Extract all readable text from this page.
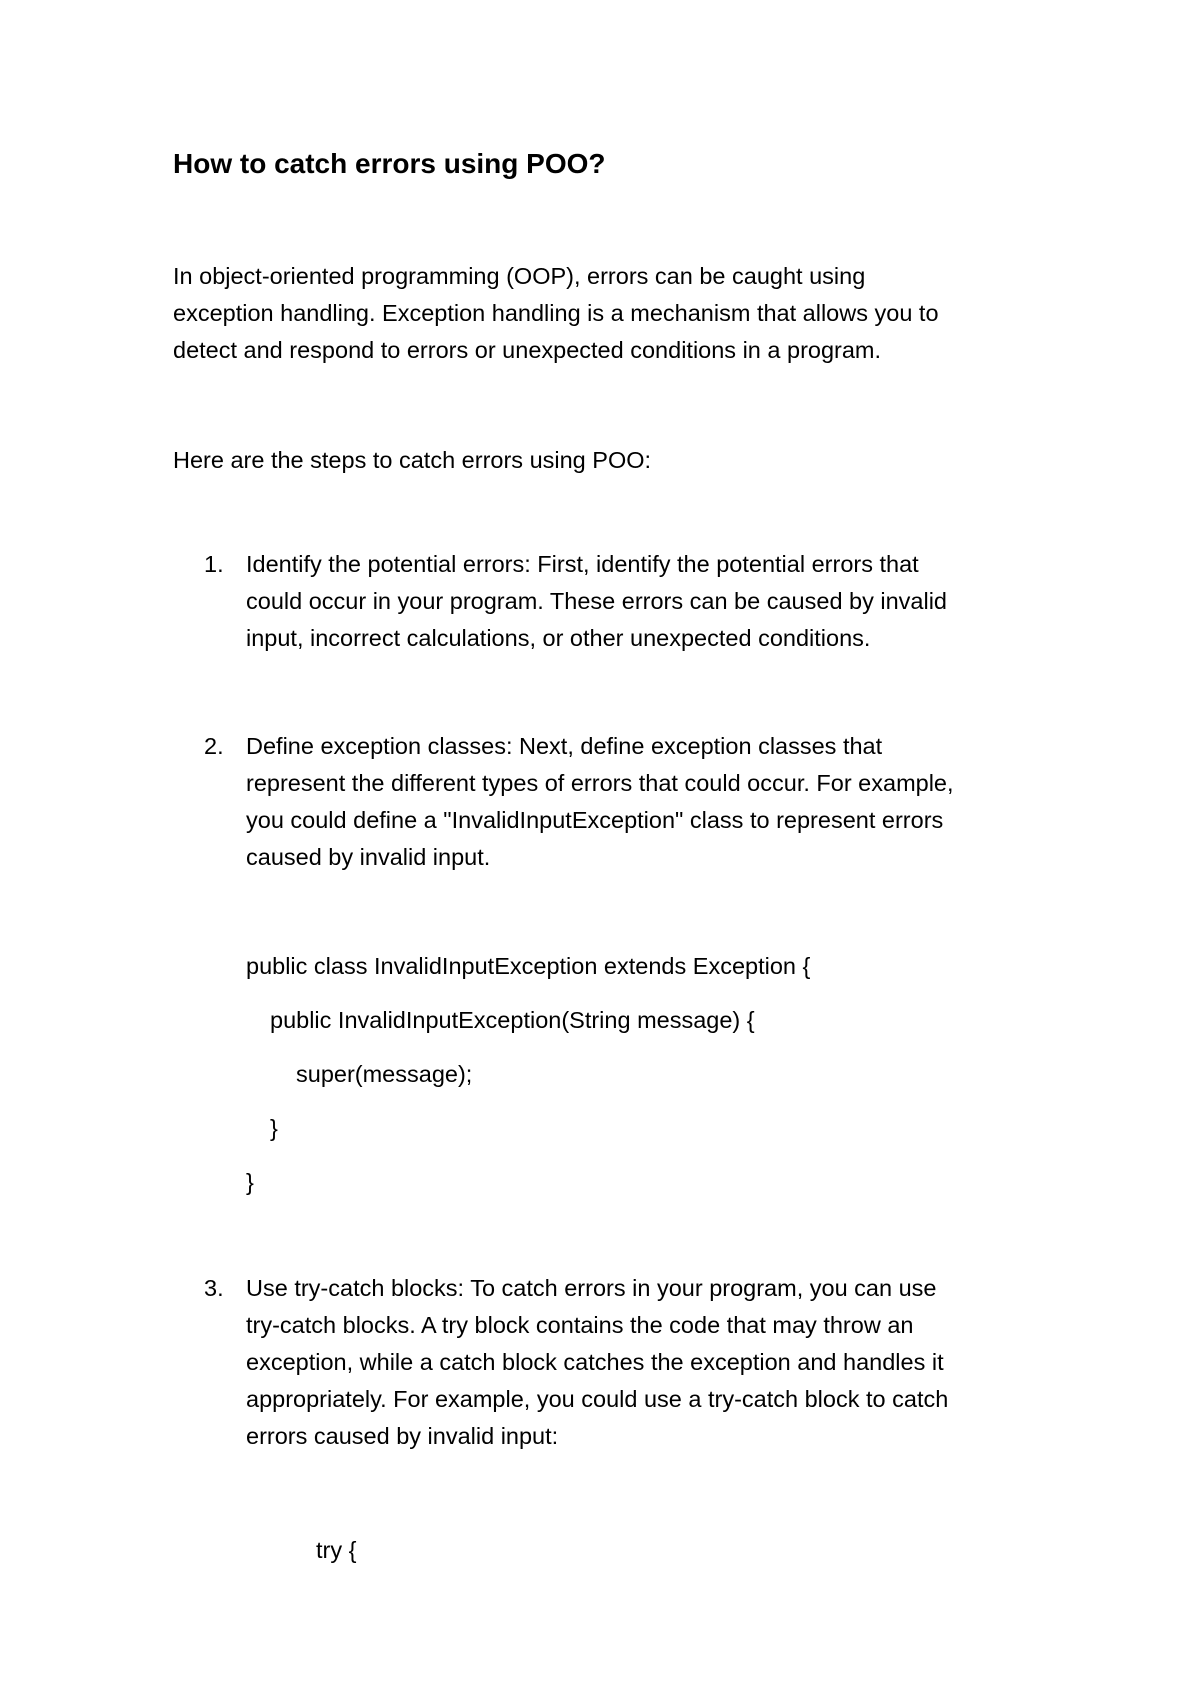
How to catch errors using POO?
In object-oriented programming (OOP), errors can be caught using
exception handling. Exception handling is a mechanism that allows you to
detect and respond to errors or unexpected conditions in a program.
Here are the steps to catch errors using POO:
1. Identify the potential errors: First, identify the potential errors that
could occur in your program. These errors can be caused by invalid
input, incorrect calculations, or other unexpected conditions.
2. Define exception classes: Next, define exception classes that
represent the different types of errors that could occur. For example,
you could define a "InvalidInputException" class to represent errors
caused by invalid input.
public class InvalidInputException extends Exception {
public InvalidInputException(String message) {
super(message);
}
}
3. Use try-catch blocks: To catch errors in your program, you can use
try-catch blocks. A try block contains the code that may throw an
exception, while a catch block catches the exception and handles it
appropriately. For example, you could use a try-catch block to catch
errors caused by invalid input:
try {
